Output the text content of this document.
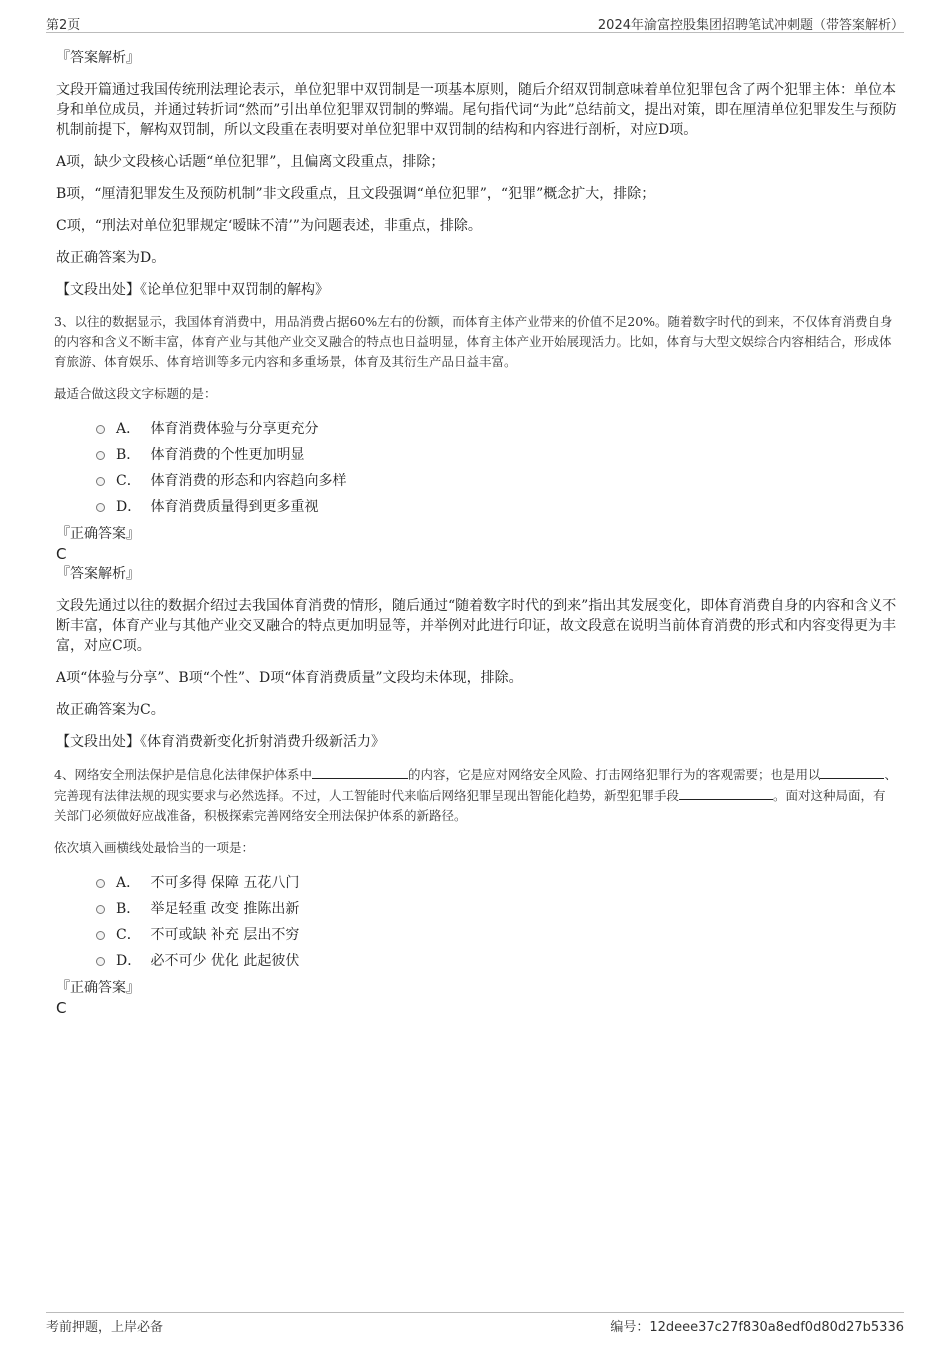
第2页	2024年渝富控股集团招聘笔试冲刺题（带答案解析）

『答案解析』

文段开篇通过我国传统刑法理论表示，单位犯罪中双罚制是一项基本原则，随后介绍双罚制意味着单位犯罪包含了两个犯罪主体：单位本身和单位成员，并通过转折词“然而”引出单位犯罪双罚制的弊端。尾句指代词“为此”总结前文，提出对策，即在厘清单位犯罪发生与预防机制前提下，解构双罚制，所以文段重在表明要对单位犯罪中双罚制的结构和内容进行剖析，对应D项。

A项，缺少文段核心话题“单位犯罪”，且偏离文段重点，排除；

B项，“厘清犯罪发生及预防机制”非文段重点，且文段强调“单位犯罪”，“犯罪”概念扩大，排除；

C项，“刑法对单位犯罪规定‘暧昧不清’”为问题表述，非重点，排除。

故正确答案为D。

【文段出处】《论单位犯罪中双罚制的解构》

3、以往的数据显示，我国体育消费中，用品消费占据60%左右的份额，而体育主体产业带来的价值不足20%。随着数字时代的到来，不仅体育消费自身的内容和含义不断丰富，体育产业与其他产业交叉融合的特点也日益明显，体育主体产业开始展现活力。比如，体育与大型文娱综合内容相结合，形成体育旅游、体育娱乐、体育培训等多元内容和多重场景，体育及其衍生产品日益丰富。

最适合做这段文字标题的是：

A． 体育消费体验与分享更充分
B． 体育消费的个性更加明显
C． 体育消费的形态和内容趋向多样
D． 体育消费质量得到更多重视

『正确答案』

C

『答案解析』

文段先通过以往的数据介绍过去我国体育消费的情形，随后通过“随着数字时代的到来”指出其发展变化，即体育消费自身的内容和含义不断丰富，体育产业与其他产业交叉融合的特点更加明显等，并举例对此进行印证，故文段意在说明当前体育消费的形式和内容变得更为丰富，对应C项。

A项“体验与分享”、B项“个性”、D项“体育消费质量”文段均未体现，排除。

故正确答案为C。

【文段出处】《体育消费新变化折射消费升级新活力》

4、网络安全刑法保护是信息化法律保护体系中	的内容，它是应对网络安全风险、打击网络犯罪行为的客观需要；也是用以	、完善现有法律法规的现实要求与必然选择。不过，人工智能时代来临后网络犯罪呈现出智能化趋势，新型犯罪手段	。面对这种局面，有关部门必须做好应战准备，积极探索完善网络安全刑法保护体系的新路径。

依次填入画横线处最恰当的一项是：

A． 不可多得 保障 五花八门
B． 举足轻重 改变 推陈出新
C． 不可或缺 补充 层出不穷
D． 必不可少 优化 此起彼伏

『正确答案』

C

考前押题，上岸必备	编号：12deee37c27f830a8edf0d80d27b5336
